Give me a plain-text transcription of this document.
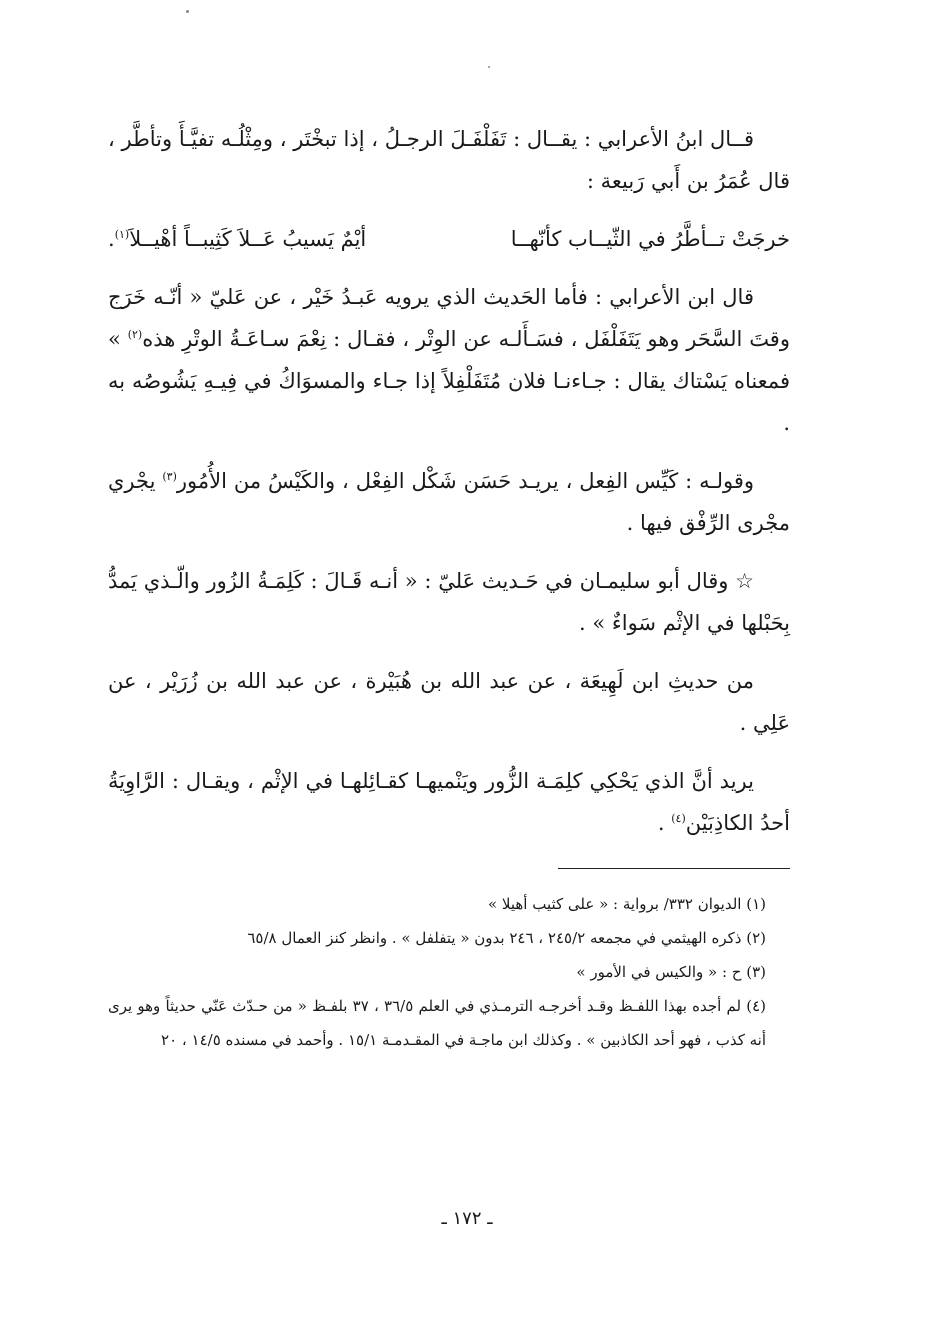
قــال ابنُ الأعرابي : يقــال : تَفَلْفَـلَ الرجـلُ ، إذا تبخْتَر ، ومِثْلُـه تفيَّـأَ وتأطَّر ، قال عُمَرُ بن أَبي رَبيعة :

خرجَتْ تــأطَّرُ في الثّيــاب كأنّهــا
أيْمٌ يَسيبُ عَــلاَ كَثِيبــاً أهْيــلاَ$^{(١)}$.

قال ابن الأعرابي : فأما الحَديث الذي يرويه عَبـدُ خَيْر ، عن عَليّ « أنّـه خَرَج وقتَ السَّحَر وهو يَتَفَلْفَل ، فسَـأَلـه عن الوِتْر ، فقـال : نِعْمَ سـاعَـةُ الوتْرِ هذه$^{(٢)}$ » فمعناه يَسْتاك يقال : جـاءنـا فلان مُتَفَلْفِلاً إذا جـاء والمسوَاكُ في فِيـهِ يَشُوصُه به .

وقولـه : كَيِّس الفِعل ، يريـد حَسَن شَكْل الفِعْل ، والكَيْسُ من الأُمُور$^{(٣)}$ يجْري مجْرى الرِّفْق فيها .

☆ وقال أبو سليمـان في حَـديث عَليّ : « أنـه قَـالَ : كَلِمَـةُ الزُور والّـذي يَمدُّ بِحَبْلها في الإثْم سَواءٌ » .

من حديثِ ابن لَهِيعَة ، عن عبد الله بن هُبَيْرة ، عن عبد الله بن زُرَيْر ، عن عَلِي .

يريد أنَّ الذي يَحْكِي كلِمَـة الزُّور ويَنْميهـا كقـائِلهـا في الإثْم ، ويقـال : الرَّاوِيَةُ أحدُ الكاذِبَيْن$^{(٤)}$ .

(١) الديوان ٣٣٢/ برواية : « على كثيب أهيلا »

(٢) ذكره الهيثمي في مجمعه ٢٤٥/٢ ، ٢٤٦ بدون « يتفلفل » . وانظر كنز العمال ٦٥/٨

(٣) ح : « والكيس في الأمور »

(٤) لم أجده بهذا اللفـظ وقـد أخرجـه الترمـذي في العلم ٣٦/٥ ، ٣٧ بلفـظ « من حـدّث عَنّي حديثاً وهو يرى أنه كذب ، فهو أحد الكاذبين » . وكذلك ابن ماجـة في المقـدمـة ١٥/١ . وأحمد في مسنده ١٤/٥ ، ٢٠

ـ ١٧٢ ـ
